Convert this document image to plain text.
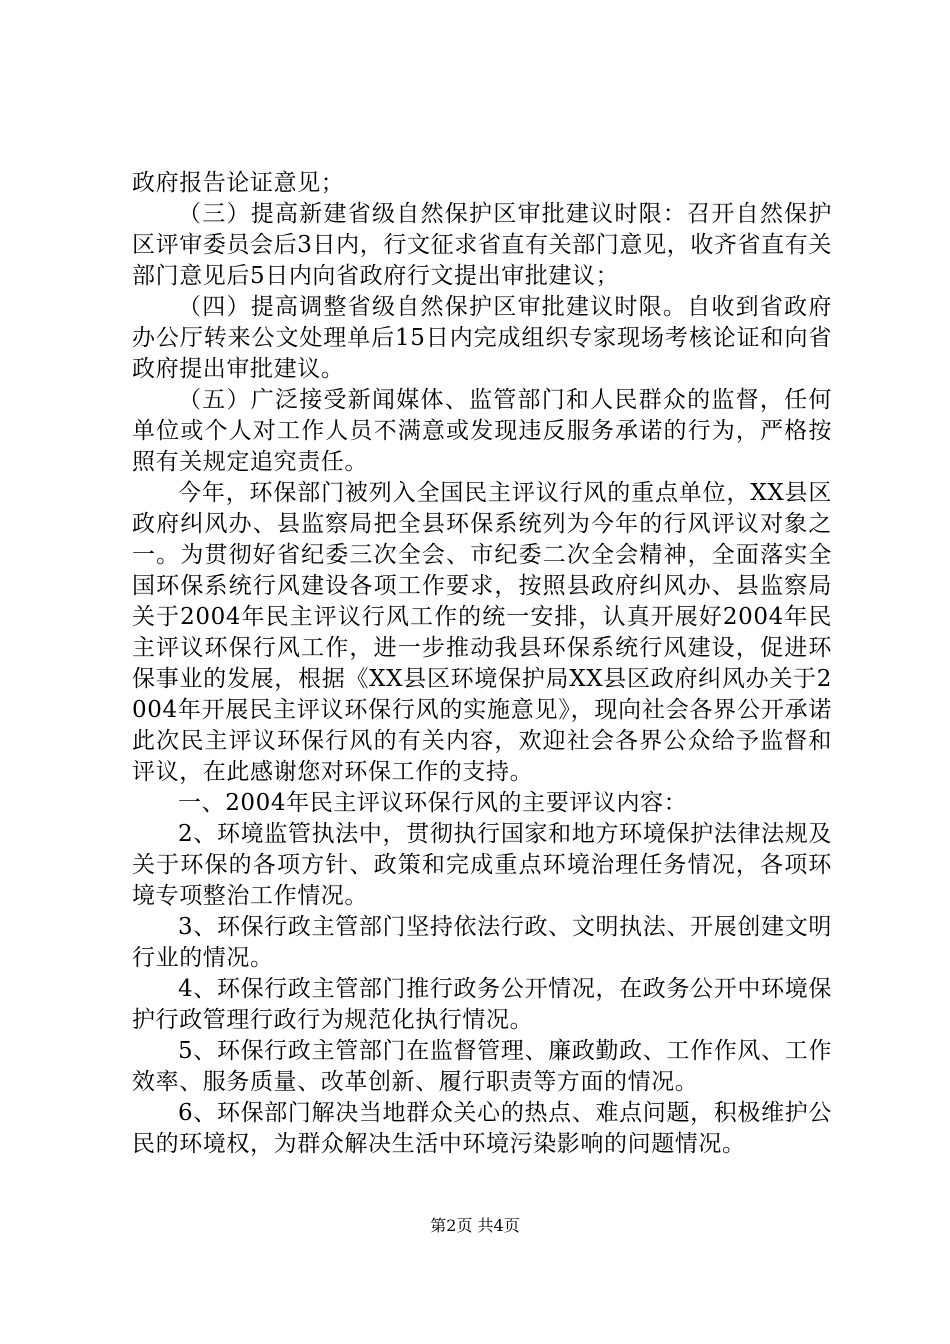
政府报告论证意见；

（三）提高新建省级自然保护区审批建议时限：召开自然保护区评审委员会后3日内，行文征求省直有关部门意见，收齐省直有关部门意见后5日内向省政府行文提出审批建议；

（四）提高调整省级自然保护区审批建议时限。自收到省政府办公厅转来公文处理单后15日内完成组织专家现场考核论证和向省政府提出审批建议。

（五）广泛接受新闻媒体、监管部门和人民群众的监督，任何单位或个人对工作人员不满意或发现违反服务承诺的行为，严格按照有关规定追究责任。

今年，环保部门被列入全国民主评议行风的重点单位，XX县区政府纠风办、县监察局把全县环保系统列为今年的行风评议对象之一。为贯彻好省纪委三次全会、市纪委二次全会精神，全面落实全国环保系统行风建设各项工作要求，按照县政府纠风办、县监察局关于2004年民主评议行风工作的统一安排，认真开展好2004年民主评议环保行风工作，进一步推动我县环保系统行风建设，促进环保事业的发展，根据《XX县区环境保护局XX县区政府纠风办关于2004年开展民主评议环保行风的实施意见》，现向社会各界公开承诺此次民主评议环保行风的有关内容，欢迎社会各界公众给予监督和评议，在此感谢您对环保工作的支持。

一、2004年民主评议环保行风的主要评议内容：

2、环境监管执法中，贯彻执行国家和地方环境保护法律法规及关于环保的各项方针、政策和完成重点环境治理任务情况，各项环境专项整治工作情况。

3、环保行政主管部门坚持依法行政、文明执法、开展创建文明行业的情况。

4、环保行政主管部门推行政务公开情况，在政务公开中环境保护行政管理行政行为规范化执行情况。

5、环保行政主管部门在监督管理、廉政勤政、工作作风、工作效率、服务质量、改革创新、履行职责等方面的情况。

6、环保部门解决当地群众关心的热点、难点问题，积极维护公民的环境权，为群众解决生活中环境污染影响的问题情况。

第2页 共4页
